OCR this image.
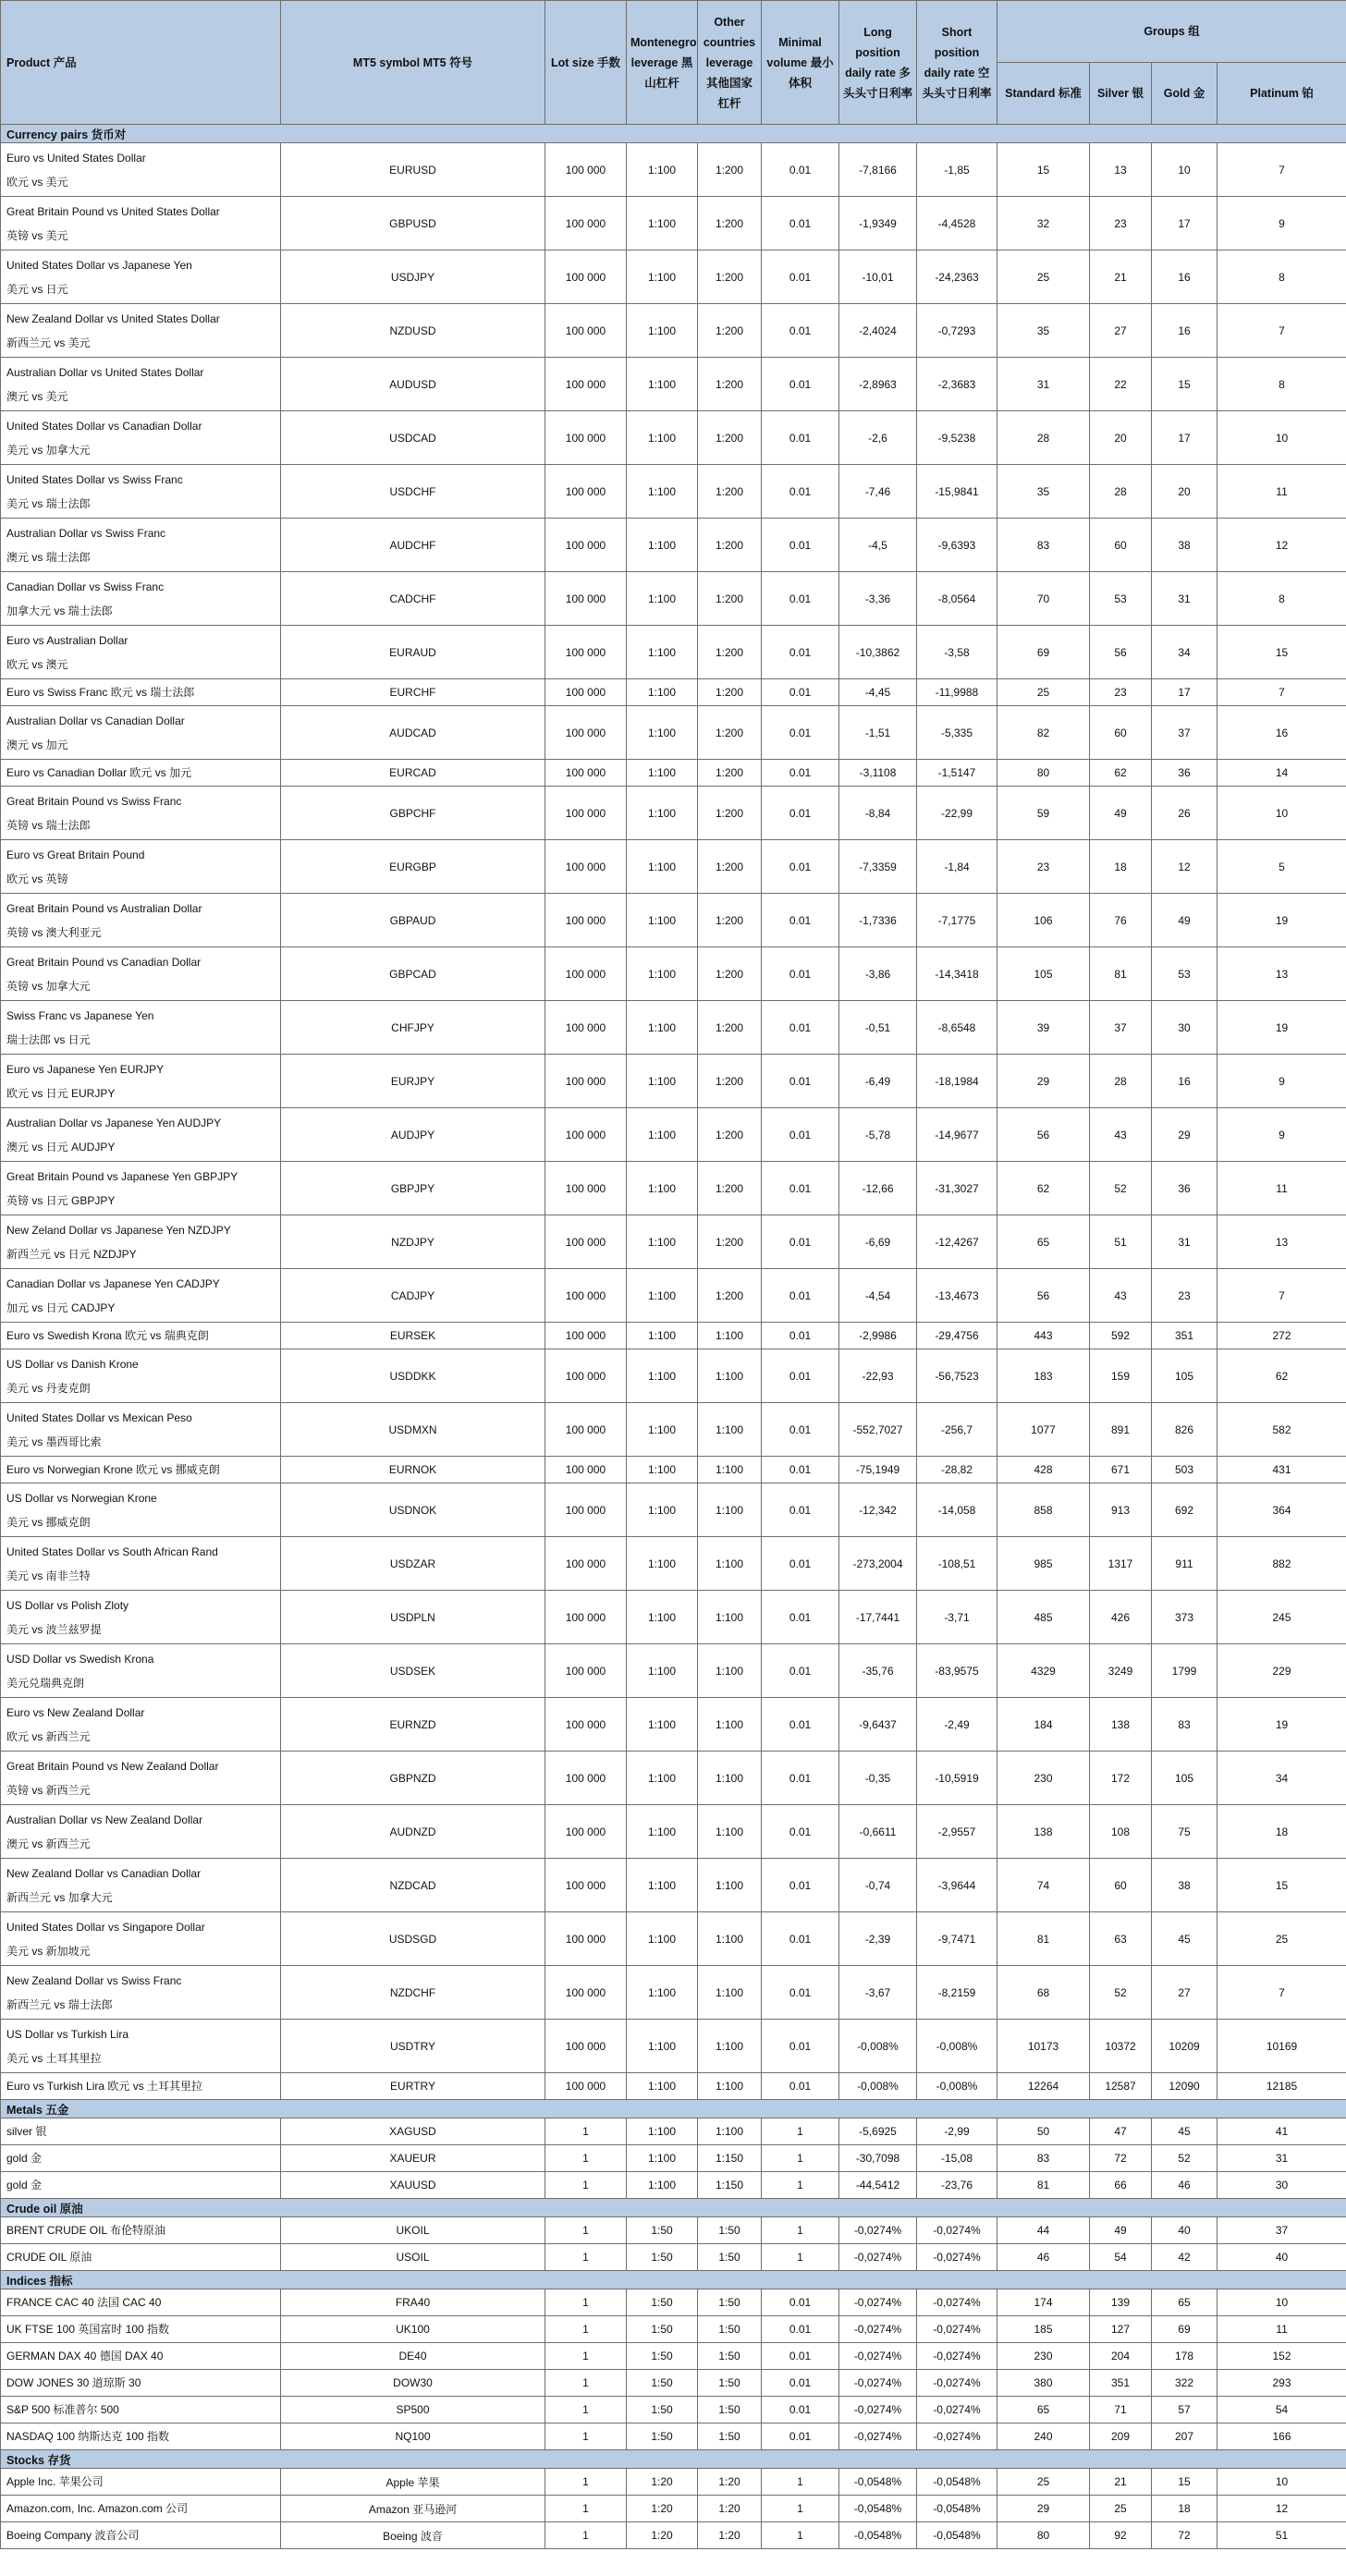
Product 产品	MT5 symbol MT5 符号	Lot size 手数	Montenegro leverage 黑山杠杆	Other countries leverage 其他国家杠杆	Minimal volume 最小体积	Long position daily rate 多头头寸日利率	Short position daily rate 空头头寸日利率	Groups 组			
								Standard 标准	Silver 银	Gold 金	Platinum 铂
Currency pairs 货币对											

Euro vs United States Dollar
欧元 vs 美元	EURUSD	100 000	1:100	1:200	0.01	-7,8166	-1,85	15	13	10	7

Great Britain Pound vs United States Dollar
英镑 vs 美元	GBPUSD	100 000	1:100	1:200	0.01	-1,9349	-4,4528	32	23	17	9

United States Dollar vs Japanese Yen
美元 vs 日元	USDJPY	100 000	1:100	1:200	0.01	-10,01	-24,2363	25	21	16	8

New Zealand Dollar vs United States Dollar
新西兰元 vs 美元	NZDUSD	100 000	1:100	1:200	0.01	-2,4024	-0,7293	35	27	16	7

Australian Dollar vs United States Dollar
澳元 vs 美元	AUDUSD	100 000	1:100	1:200	0.01	-2,8963	-2,3683	31	22	15	8

United States Dollar vs Canadian Dollar
美元 vs 加拿大元	USDCAD	100 000	1:100	1:200	0.01	-2,6	-9,5238	28	20	17	10

United States Dollar vs Swiss Franc
美元 vs 瑞士法郎	USDCHF	100 000	1:100	1:200	0.01	-7,46	-15,9841	35	28	20	11

Australian Dollar vs Swiss Franc
澳元 vs 瑞士法郎	AUDCHF	100 000	1:100	1:200	0.01	-4,5	-9,6393	83	60	38	12

Canadian Dollar vs Swiss Franc
加拿大元 vs 瑞士法郎	CADCHF	100 000	1:100	1:200	0.01	-3,36	-8,0564	70	53	31	8

Euro vs Australian Dollar
欧元 vs 澳元	EURAUD	100 000	1:100	1:200	0.01	-10,3862	-3,58	69	56	34	15

Euro vs Swiss Franc 欧元 vs 瑞士法郎	EURCHF	100 000	1:100	1:200	0.01	-4,45	-11,9988	25	23	17	7

Australian Dollar vs Canadian Dollar
澳元 vs 加元	AUDCAD	100 000	1:100	1:200	0.01	-1,51	-5,335	82	60	37	16

Euro vs Canadian Dollar 欧元 vs 加元	EURCAD	100 000	1:100	1:200	0.01	-3,1108	-1,5147	80	62	36	14

Great Britain Pound vs Swiss Franc
英镑 vs 瑞士法郎	GBPCHF	100 000	1:100	1:200	0.01	-8,84	-22,99	59	49	26	10

Euro vs Great Britain Pound
欧元 vs 英镑	EURGBP	100 000	1:100	1:200	0.01	-7,3359	-1,84	23	18	12	5

Great Britain Pound vs Australian Dollar
英镑 vs 澳大利亚元	GBPAUD	100 000	1:100	1:200	0.01	-1,7336	-7,1775	106	76	49	19

Great Britain Pound vs Canadian Dollar
英镑 vs 加拿大元	GBPCAD	100 000	1:100	1:200	0.01	-3,86	-14,3418	105	81	53	13

Swiss Franc vs Japanese Yen
瑞士法郎 vs 日元	CHFJPY	100 000	1:100	1:200	0.01	-0,51	-8,6548	39	37	30	19

Euro vs Japanese Yen EURJPY
欧元 vs 日元 EURJPY	EURJPY	100 000	1:100	1:200	0.01	-6,49	-18,1984	29	28	16	9

Australian Dollar vs Japanese Yen AUDJPY
澳元 vs 日元 AUDJPY	AUDJPY	100 000	1:100	1:200	0.01	-5,78	-14,9677	56	43	29	9

Great Britain Pound vs Japanese Yen GBPJPY
英镑 vs 日元 GBPJPY	GBPJPY	100 000	1:100	1:200	0.01	-12,66	-31,3027	62	52	36	11

New Zeland Dollar vs Japanese Yen NZDJPY
新西兰元 vs 日元 NZDJPY	NZDJPY	100 000	1:100	1:200	0.01	-6,69	-12,4267	65	51	31	13

Canadian Dollar vs Japanese Yen CADJPY
加元 vs 日元 CADJPY	CADJPY	100 000	1:100	1:200	0.01	-4,54	-13,4673	56	43	23	7

Euro vs Swedish Krona 欧元 vs 瑞典克朗	EURSEK	100 000	1:100	1:100	0.01	-2,9986	-29,4756	443	592	351	272

US Dollar vs Danish Krone
美元 vs 丹麦克朗	USDDKK	100 000	1:100	1:100	0.01	-22,93	-56,7523	183	159	105	62

United States Dollar vs Mexican Peso
美元 vs 墨西哥比索	USDMXN	100 000	1:100	1:100	0.01	-552,7027	-256,7	1077	891	826	582

Euro vs Norwegian Krone 欧元 vs 挪威克朗	EURNOK	100 000	1:100	1:100	0.01	-75,1949	-28,82	428	671	503	431

US Dollar vs Norwegian Krone
美元 vs 挪威克朗	USDNOK	100 000	1:100	1:100	0.01	-12,342	-14,058	858	913	692	364

United States Dollar vs South African Rand
美元 vs 南非兰特	USDZAR	100 000	1:100	1:100	0.01	-273,2004	-108,51	985	1317	911	882

US Dollar vs Polish Zloty
美元 vs 波兰兹罗提	USDPLN	100 000	1:100	1:100	0.01	-17,7441	-3,71	485	426	373	245

USD Dollar vs Swedish Krona
美元兑瑞典克朗	USDSEK	100 000	1:100	1:100	0.01	-35,76	-83,9575	4329	3249	1799	229

Euro vs New Zealand Dollar
欧元 vs 新西兰元	EURNZD	100 000	1:100	1:100	0.01	-9,6437	-2,49	184	138	83	19

Great Britain Pound vs New Zealand Dollar
英镑 vs 新西兰元	GBPNZD	100 000	1:100	1:100	0.01	-0,35	-10,5919	230	172	105	34

Australian Dollar vs New Zealand Dollar
澳元 vs 新西兰元	AUDNZD	100 000	1:100	1:100	0.01	-0,6611	-2,9557	138	108	75	18

New Zealand Dollar vs Canadian Dollar
新西兰元 vs 加拿大元	NZDCAD	100 000	1:100	1:100	0.01	-0,74	-3,9644	74	60	38	15

United States Dollar vs Singapore Dollar
美元 vs 新加坡元	USDSGD	100 000	1:100	1:100	0.01	-2,39	-9,7471	81	63	45	25

New Zealand Dollar vs Swiss Franc
新西兰元 vs 瑞士法郎	NZDCHF	100 000	1:100	1:100	0.01	-3,67	-8,2159	68	52	27	7

US Dollar vs Turkish Lira
美元 vs 土耳其里拉	USDTRY	100 000	1:100	1:100	0.01	-0,008%	-0,008%	10173	10372	10209	10169

Euro vs Turkish Lira 欧元 vs 土耳其里拉	EURTRY	100 000	1:100	1:100	0.01	-0,008%	-0,008%	12264	12587	12090	12185
Metals 五金											

silver 银	XAGUSD	1	1:100	1:100	1	-5,6925	-2,99	50	47	45	41

gold 金	XAUEUR	1	1:100	1:150	1	-30,7098	-15,08	83	72	52	31

gold 金	XAUUSD	1	1:100	1:150	1	-44,5412	-23,76	81	66	46	30
Crude oil 原油											

BRENT CRUDE OIL 布伦特原油	UKOIL	1	1:50	1:50	1	-0,0274%	-0,0274%	44	49	40	37

CRUDE OIL 原油	USOIL	1	1:50	1:50	1	-0,0274%	-0,0274%	46	54	42	40
Indices 指标											

FRANCE CAC 40 法国 CAC 40	FRA40	1	1:50	1:50	0.01	-0,0274%	-0,0274%	174	139	65	10

UK FTSE 100 英国富时 100 指数	UK100	1	1:50	1:50	0.01	-0,0274%	-0,0274%	185	127	69	11

GERMAN DAX 40 德国 DAX 40	DE40	1	1:50	1:50	0.01	-0,0274%	-0,0274%	230	204	178	152

DOW JONES 30 道琼斯 30	DOW30	1	1:50	1:50	0.01	-0,0274%	-0,0274%	380	351	322	293

S&P 500 标准普尔 500	SP500	1	1:50	1:50	0.01	-0,0274%	-0,0274%	65	71	57	54

NASDAQ 100 纳斯达克 100 指数	NQ100	1	1:50	1:50	0.01	-0,0274%	-0,0274%	240	209	207	166
Stocks 存货											

Apple Inc. 苹果公司	Apple 苹果	1	1:20	1:20	1	-0,0548%	-0,0548%	25	21	15	10

Amazon.com, Inc. Amazon.com 公司	Amazon 亚马逊河	1	1:20	1:20	1	-0,0548%	-0,0548%	29	25	18	12

Boeing Company 波音公司	Boeing 波音	1	1:20	1:20	1	-0,0548%	-0,0548%	80	92	72	51
